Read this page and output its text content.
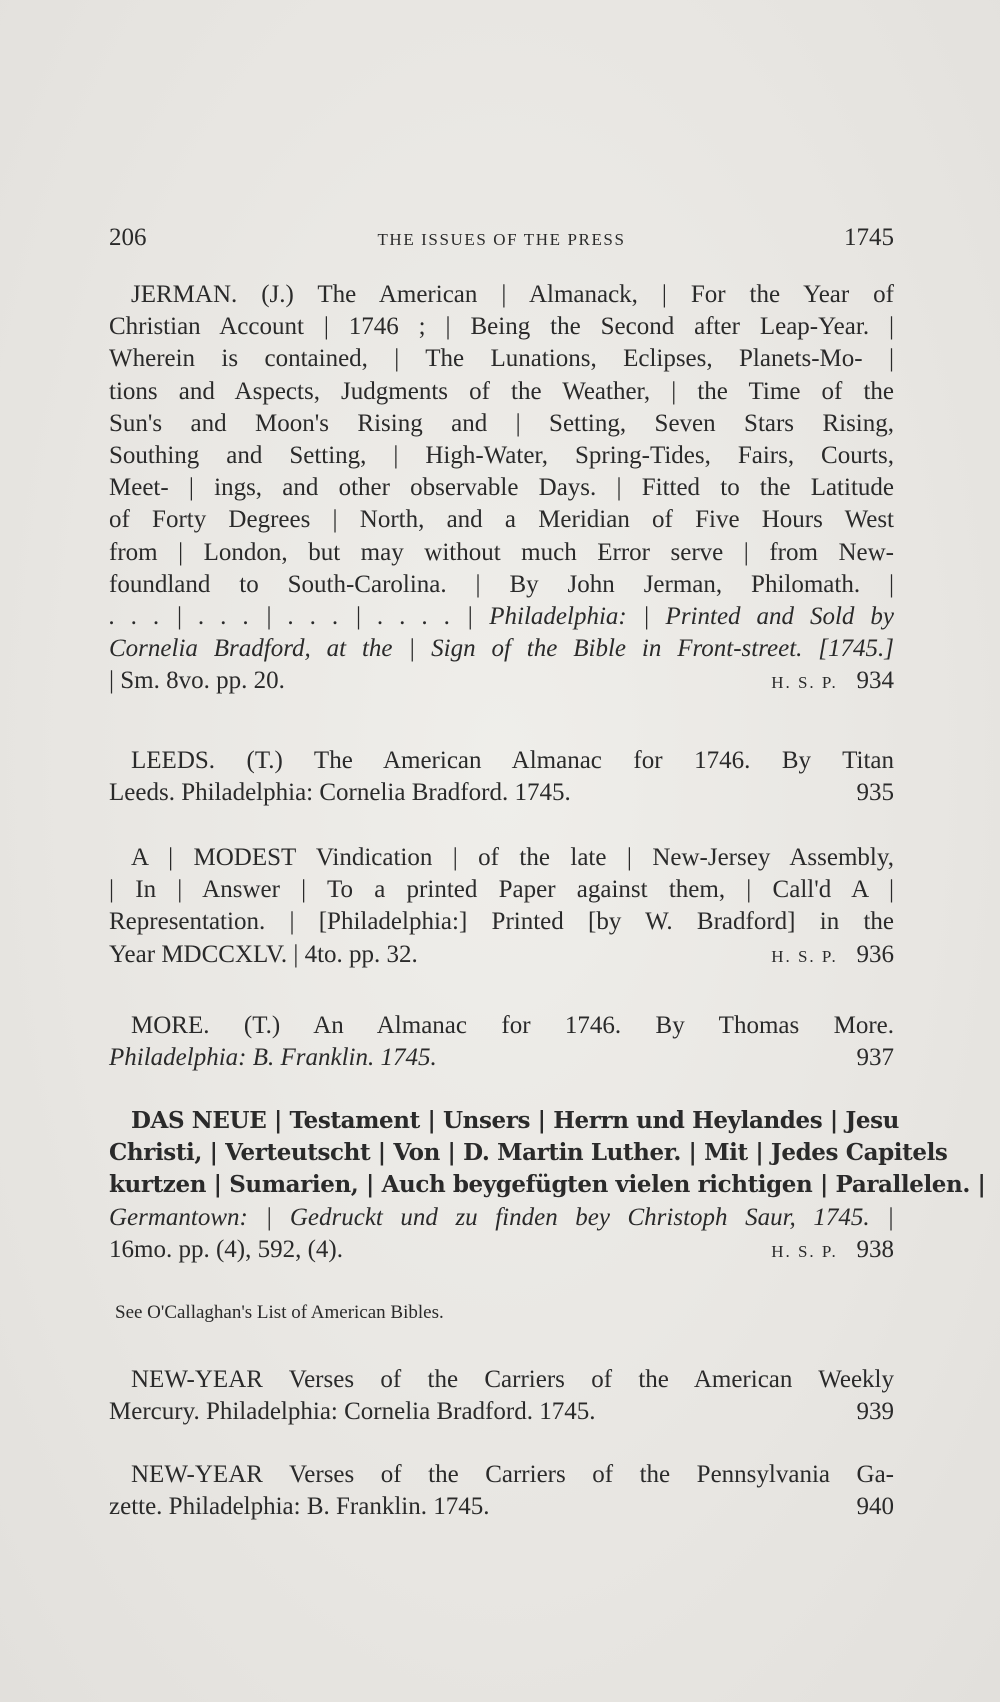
206	THE ISSUES OF THE PRESS	1745
JERMAN. (J.) The American | Almanack, | For the Year of
Christian Account | 1746 ; | Being the Second after Leap-Year. |
Wherein is contained, | The Lunations, Eclipses, Planets-Mo- |
tions and Aspects, Judgments of the Weather, | the Time of the
Sun's and Moon's Rising and | Setting, Seven Stars Rising,
Southing and Setting, | High-Water, Spring-Tides, Fairs, Courts,
Meet- | ings, and other observable Days. | Fitted to the Latitude
of Forty Degrees | North, and a Meridian of Five Hours West
from | London, but may without much Error serve | from New-
foundland to South-Carolina. | By John Jerman, Philomath. |
. . . | . . . | . . . | . . . . | Philadelphia: | Printed and Sold by
Cornelia Bradford, at the | Sign of the Bible in Front-street. [1745.]
| Sm. 8vo. pp. 20.	H. S. P. 934
LEEDS. (T.) The American Almanac for 1746. By Titan
Leeds. Philadelphia: Cornelia Bradford. 1745.	935
A | MODEST Vindication | of the late | New-Jersey Assembly,
| In | Answer | To a printed Paper against them, | Call'd A |
Representation. | [Philadelphia:] Printed [by W. Bradford] in the
Year MDCCXLV. | 4to. pp. 32.	H. S. P. 936
MORE. (T.) An Almanac for 1746. By Thomas More.
Philadelphia: B. Franklin. 1745.	937
DAS NEUE | Testament | Unsers | Herrn und Heylandes | Jesu
Christi, | Verteutscht | Von | D. Martin Luther. | Mit | Jedes Capitels
kurtzen | Sumarien, | Auch beygefügten vielen richtigen | Parallelen. |
Germantown: | Gedruckt und zu finden bey Christoph Saur, 1745. |
16mo. pp. (4), 592, (4).	H. S. P. 938
See O'Callaghan's List of American Bibles.
NEW-YEAR Verses of the Carriers of the American Weekly
Mercury. Philadelphia: Cornelia Bradford. 1745.	939
NEW-YEAR Verses of the Carriers of the Pennsylvania Ga-
zette. Philadelphia: B. Franklin. 1745.	940
